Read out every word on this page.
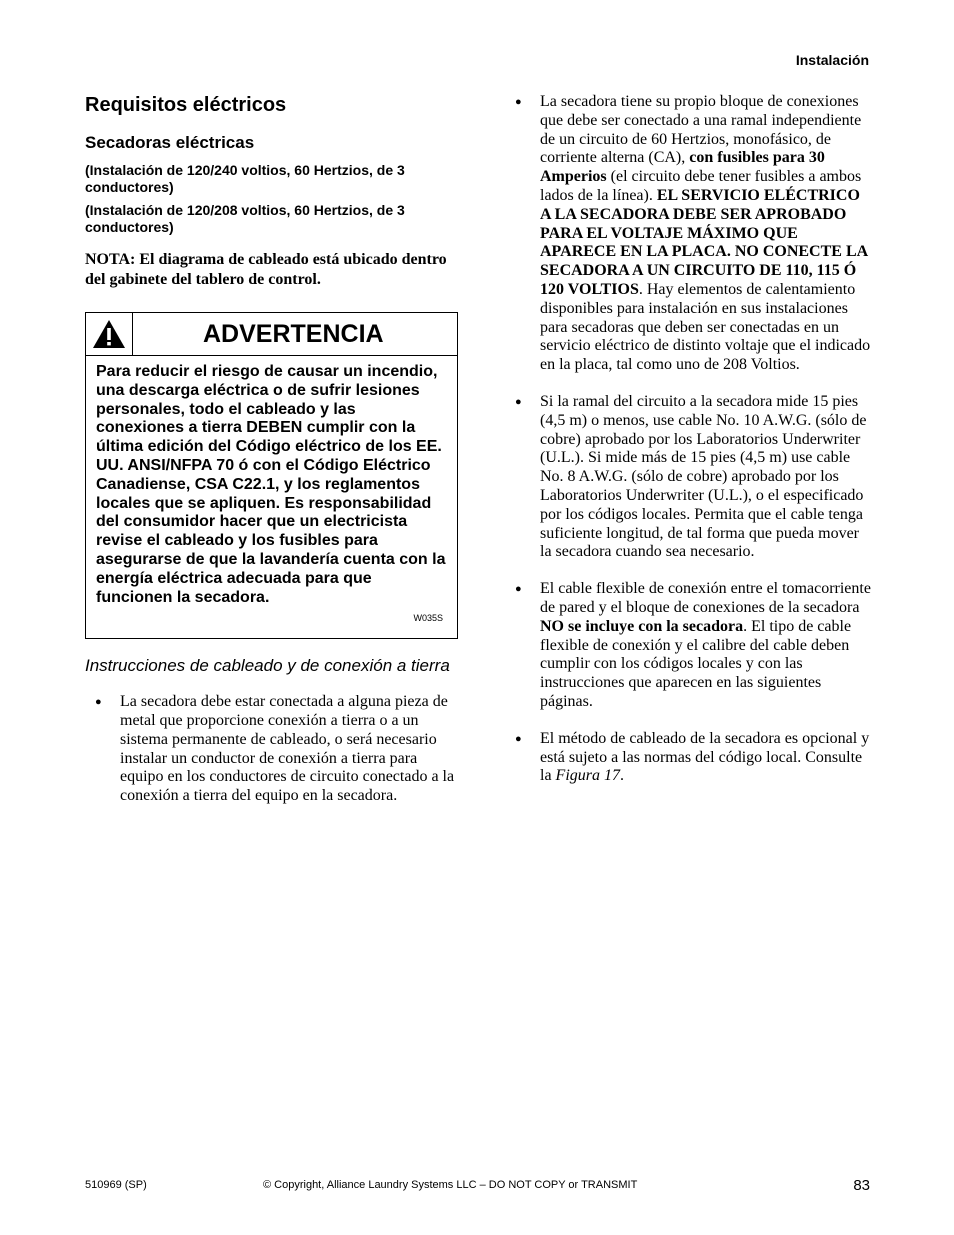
Instalación
Requisitos eléctricos
Secadoras eléctricas
(Instalación de 120/240 voltios, 60 Hertzios, de 3 conductores)
(Instalación de 120/208 voltios, 60 Hertzios, de 3 conductores)
NOTA: El diagrama de cableado está ubicado dentro del gabinete del tablero de control.
ADVERTENCIA
Para reducir el riesgo de causar un incendio, una descarga eléctrica o de sufrir lesiones personales, todo el cableado y las conexiones a tierra DEBEN cumplir con la última edición del Código eléctrico de los EE. UU. ANSI/NFPA 70 ó con el Código Eléctrico Canadiense, CSA C22.1, y los reglamentos locales que se apliquen. Es responsabilidad del consumidor hacer que un electricista revise el cableado y los fusibles para asegurarse de que la lavandería cuenta con la energía eléctrica adecuada para que funcionen la secadora.
W035S
Instrucciones de cableado y de conexión a tierra
● La secadora debe estar conectada a alguna pieza de metal que proporcione conexión a tierra o a un sistema permanente de cableado, o será necesario instalar un conductor de conexión a tierra para equipo en los conductores de circuito conectado a la conexión a tierra del equipo en la secadora.
● La secadora tiene su propio bloque de conexiones que debe ser conectado a una ramal independiente de un circuito de 60 Hertzios, monofásico, de corriente alterna (CA), con fusibles para 30 Amperios (el circuito debe tener fusibles a ambos lados de la línea). EL SERVICIO ELÉCTRICO A LA SECADORA DEBE SER APROBADO PARA EL VOLTAJE MÁXIMO QUE APARECE EN LA PLACA. NO CONECTE LA SECADORA A UN CIRCUITO DE 110, 115 Ó 120 VOLTIOS. Hay elementos de calentamiento disponibles para instalación en sus instalaciones para secadoras que deben ser conectadas en un servicio eléctrico de distinto voltaje que el indicado en la placa, tal como uno de 208 Voltios.
● Si la ramal del circuito a la secadora mide 15 pies (4,5 m) o menos, use cable No. 10 A.W.G. (sólo de cobre) aprobado por los Laboratorios Underwriter (U.L.). Si mide más de 15 pies (4,5 m) use cable No. 8 A.W.G. (sólo de cobre) aprobado por los Laboratorios Underwriter (U.L.), o el especificado por los códigos locales. Permita que el cable tenga suficiente longitud, de tal forma que pueda mover la secadora cuando sea necesario.
● El cable flexible de conexión entre el tomacorriente de pared y el bloque de conexiones de la secadora NO se incluye con la secadora. El tipo de cable flexible de conexión y el calibre del cable deben cumplir con los códigos locales y con las instrucciones que aparecen en las siguientes páginas.
● El método de cableado de la secadora es opcional y está sujeto a las normas del código local. Consulte la Figura 17.
510969 (SP)	© Copyright, Alliance Laundry Systems LLC – DO NOT COPY or TRANSMIT	83
